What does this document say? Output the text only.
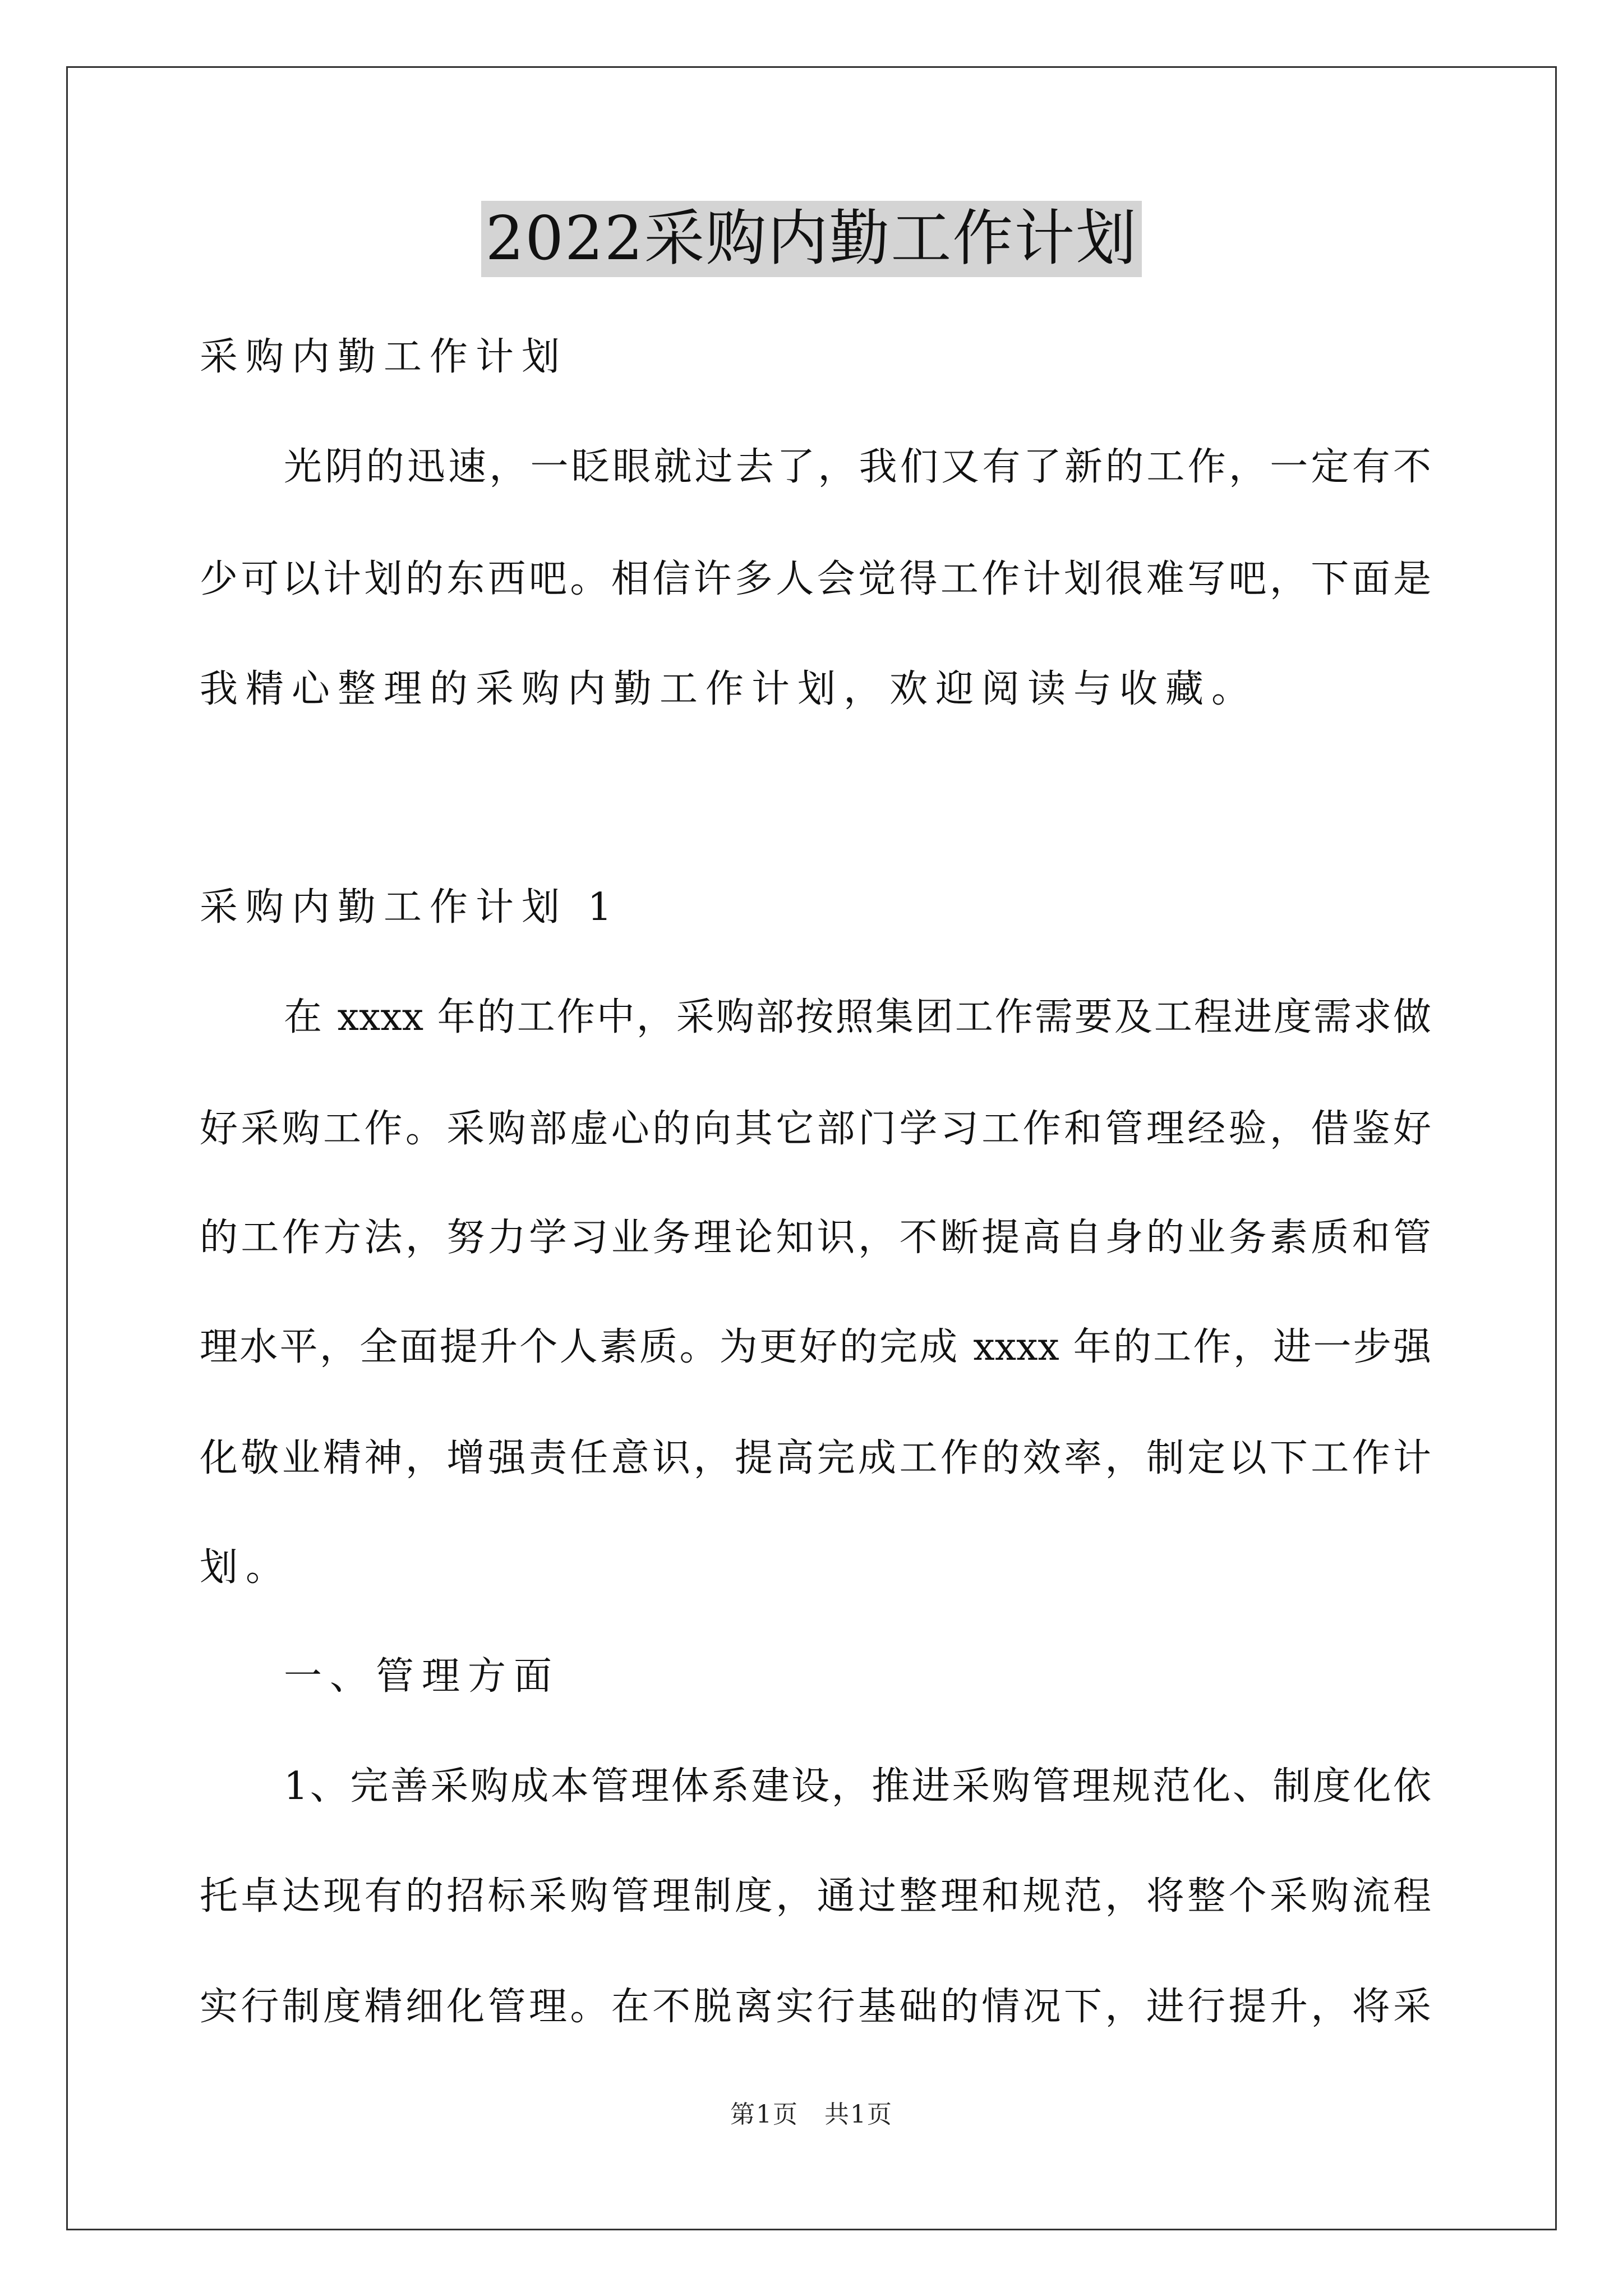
2022采购内勤工作计划
采购内勤工作计划
光阴的迅速，一眨眼就过去了，我们又有了新的工作，一定有不
少可以计划的东西吧。相信许多人会觉得工作计划很难写吧，下面是
我精心整理的采购内勤工作计划，欢迎阅读与收藏。
采购内勤工作计划 1
在 xxxx 年的工作中，采购部按照集团工作需要及工程进度需求做
好采购工作。采购部虚心的向其它部门学习工作和管理经验，借鉴好
的工作方法，努力学习业务理论知识，不断提高自身的业务素质和管
理水平，全面提升个人素质。为更好的完成 xxxx 年的工作，进一步强
化敬业精神，增强责任意识，提高完成工作的效率，制定以下工作计
划。
一、管理方面
1、完善采购成本管理体系建设，推进采购管理规范化、制度化依
托卓达现有的招标采购管理制度，通过整理和规范，将整个采购流程
实行制度精细化管理。在不脱离实行基础的情况下，进行提升，将采
第1页　共1页
